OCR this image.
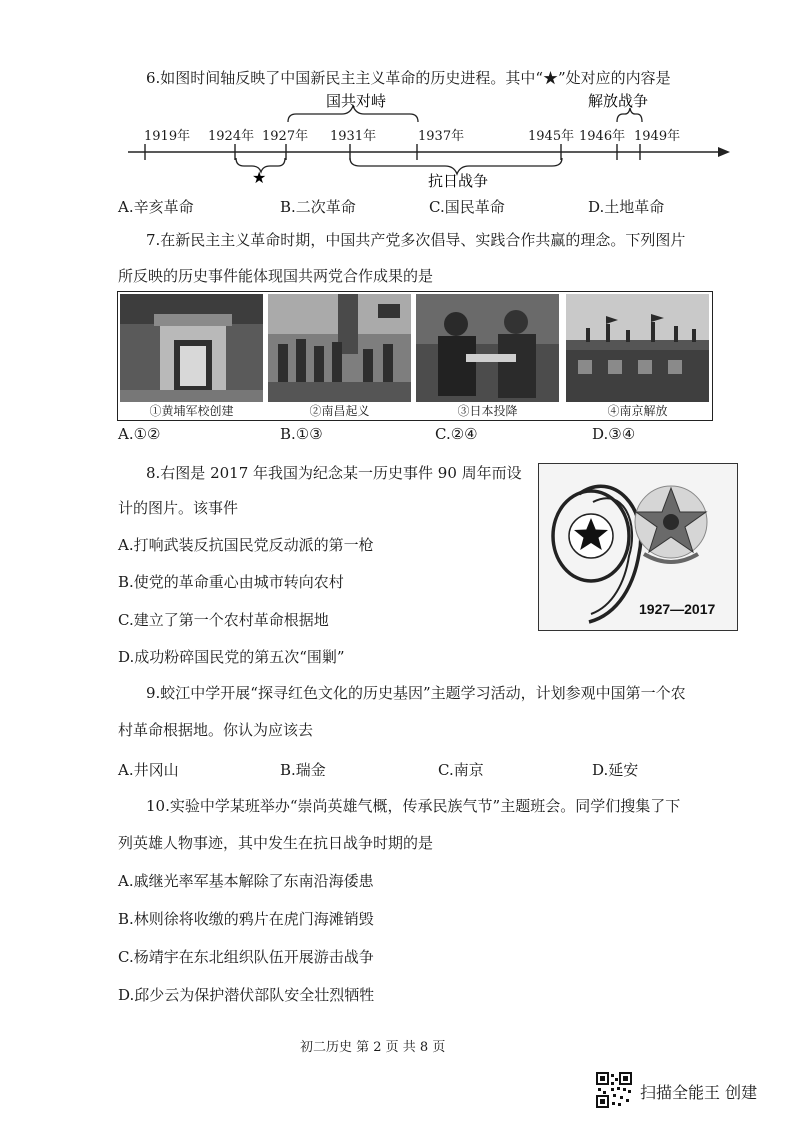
6.如图时间轴反映了中国新民主主义革命的历史进程。其中“★”处对应的内容是
1919年 1924年 1927年 1931年	1937年	1945年 1946年 1949年
国共对峙	解放战争
★	抗日战争
A.辛亥革命	B.二次革命	C.国民革命	D.土地革命
7.在新民主主义革命时期，中国共产党多次倡导、实践合作共赢的理念。下列图片
所反映的历史事件能体现国共两党合作成果的是
①黄埔军校创建	②南昌起义	③日本投降	④南京解放
A.①②	B.①③	C.②④	D.③④
8.右图是 2017 年我国为纪念某一历史事件 90 周年而设
计的图片。该事件
A.打响武装反抗国民党反动派的第一枪
B.使党的革命重心由城市转向农村
C.建立了第一个农村革命根据地
D.成功粉碎国民党的第五次“围剿”
1927—2017
9.蛟江中学开展“探寻红色文化的历史基因”主题学习活动，计划参观中国第一个农
村革命根据地。你认为应该去
A.井冈山	B.瑞金	C.南京	D.延安
10.实验中学某班举办“崇尚英雄气概，传承民族气节”主题班会。同学们搜集了下
列英雄人物事迹，其中发生在抗日战争时期的是
A.戚继光率军基本解除了东南沿海倭患
B.林则徐将收缴的鸦片在虎门海滩销毁
C.杨靖宇在东北组织队伍开展游击战争
D.邱少云为保护潜伏部队安全壮烈牺牲
初二历史 第 2 页 共 8 页
扫描全能王 创建
